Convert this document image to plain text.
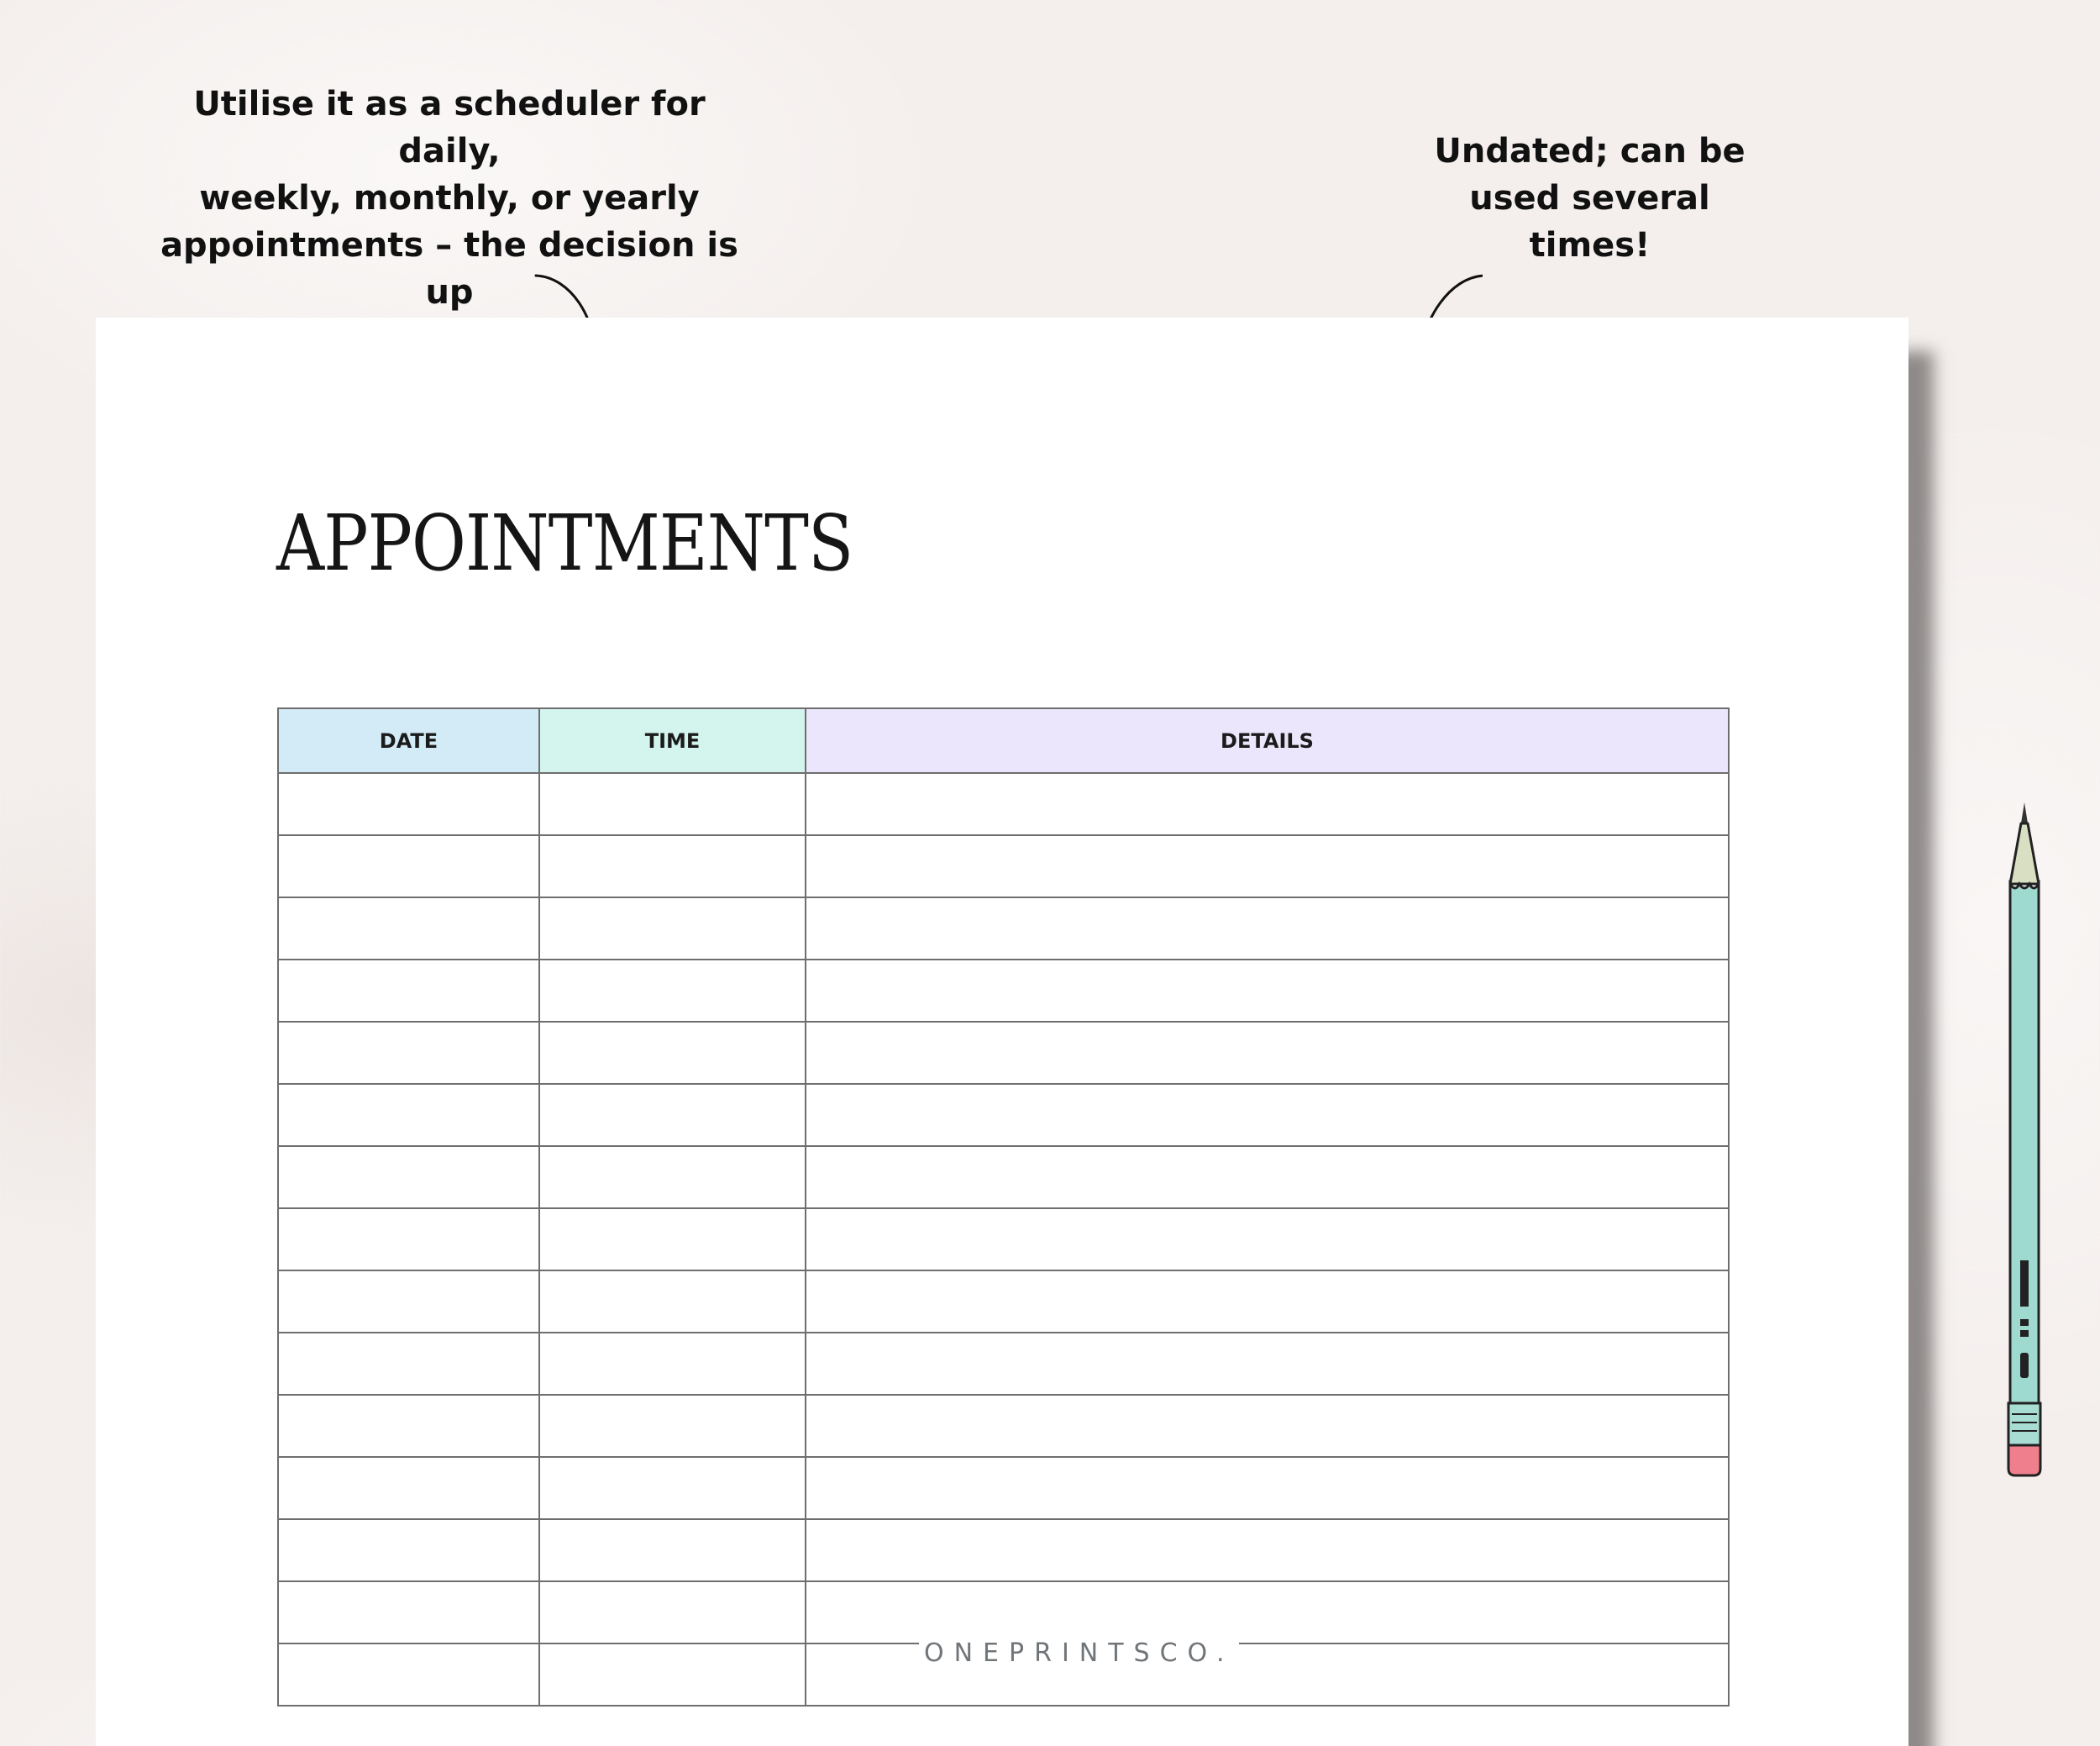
Utilise it as a scheduler for daily,
weekly, monthly, or yearly
appointments – the decision is up

Undated; can be
used several
times!
APPOINTMENTS
DATE	TIME	DETAILS

ONEPRINTSCO.
